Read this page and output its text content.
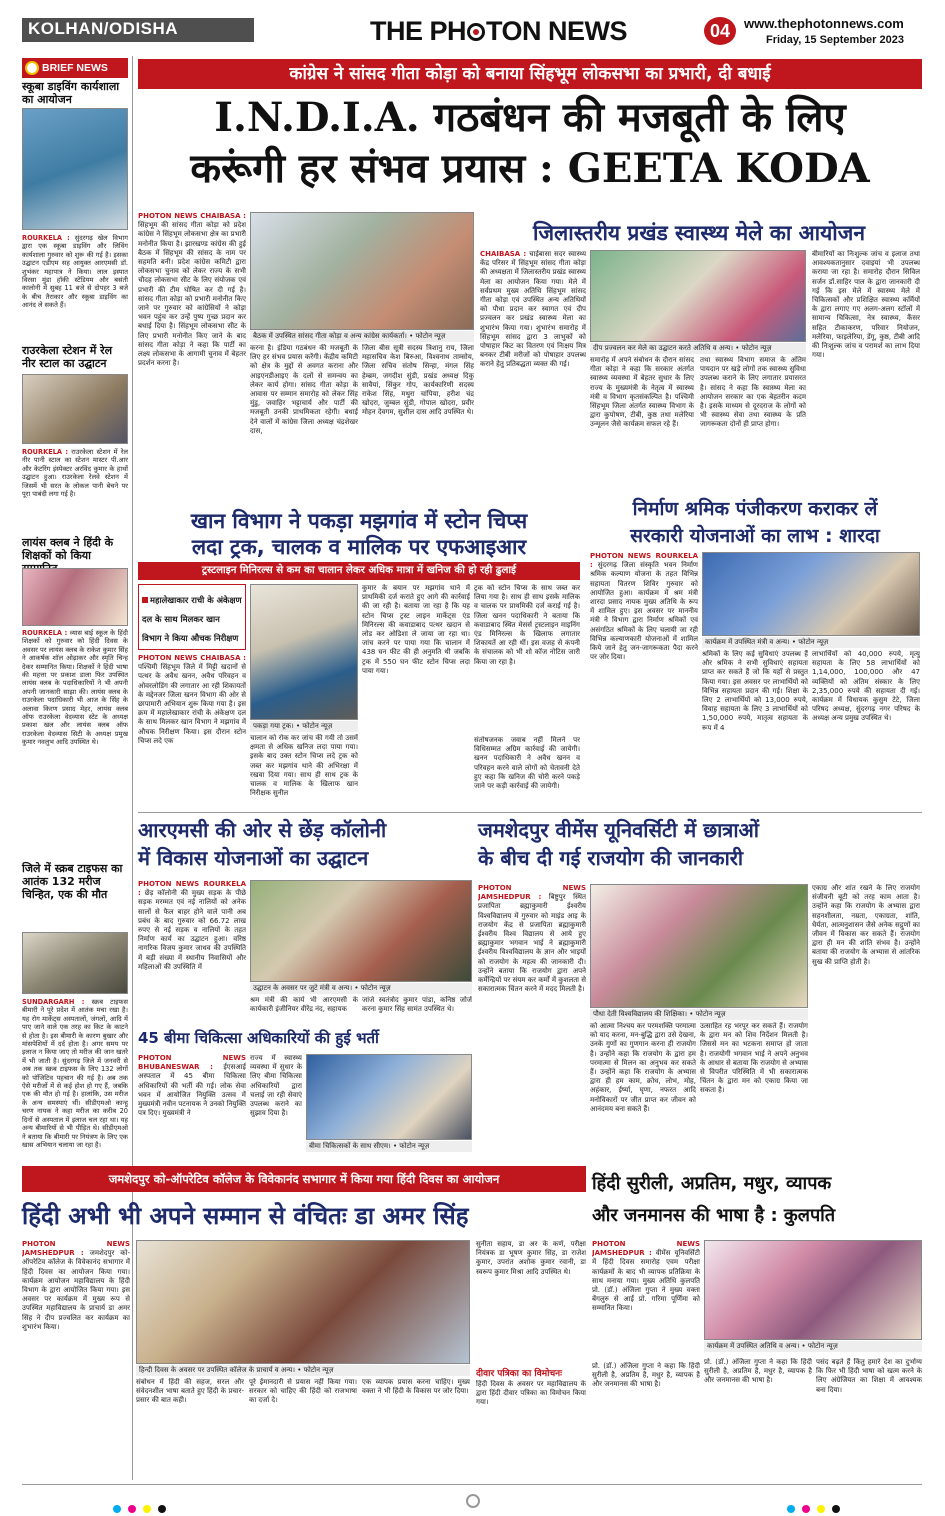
KOLHAN/ODISHA	THE PH TON NEWS	04	www.thephotonnews.com
Friday, 15 September 2023
BRIEF NEWS
स्कूबा डाइविंग कार्यशाला का आयोजन
ROURKELA : सुंदरगढ़ खेल विभाग द्वारा एक स्कूबा डाइविंग और लिविंग कार्यशाला गुरुवार को शुरू की गई है। इसका उद्घाटन एडीएम सह आयुक्त आरएमसी डॉ. शुभंकर महापात्र ने किया। लाल इस्पात विरसा मुंडा हॉकी स्टेडियम और बसंती कालोनी में सुबह 11 बजे से दोपहर 3 बजे के बीच तैराकार और स्कूबा डाइविंग का आनंद ले सकते हैं।
राउरकेला स्टेशन में रेल नीर स्टाल का उद्घाटन
ROURKELA : राउरकेला स्टेशन में रेल नीर पानी स्टाल का स्टेशन मास्टर पी.आर और केटरिंग इंस्पेक्टर अरविंद कुमार के हाथों उद्घाटन हुआ। राउरकेला रेलवे स्टेशन में जिसमें भी सरत के लोकल पानी बेचने पर पूरा पाबंदी लगा गई है।
लायंस क्लब ने हिंदी के शिक्षकों को किया
ROURKELA : व्यास बाई स्कूल के हिंदी शिक्षकों को गुरुवार को हिंदी दिवस के अवसर पर लायंस क्लब के राकेश कुमार सिंह ने आकर्षक शॉल ओढ़ाकर और स्मृति चिन्ह देकर सम्मानित किया। शिक्षकों ने हिंदी भाषा की महत्ता पर प्रकाश डाला फिर उपस्थित लायंस क्लब के पदाधिकारियों ने भी अपनी अपनी जानकारी साझा की। लायंस क्लब के राउरकेला पदाधिकारी भी आज के सिंह के अलावा किरण प्रसाद मेहर, लायंस क्लब ऑफ राउरकेला वेदव्यास स्टेट के अध्यक्ष प्रकाश खल और लायंस क्लब ऑफ राउरकेला वेदव्यास सिटी के अध्यक्ष प्रमुख कुमार नवलुभ आदि उपस्थित थे।
जिले में स्क्रब टाइफस का आतंक 132 मरीज चिन्हित, एक की मौत
SUNDARGARH : स्क्रब टाइफस बीमारी ने पूरे प्रदेश में आतंक मचा रखा है। यह रोग मार्केट्स अस्पतालों, जंगलों, आदि में पाए जाने वाले एक तरह का किट के काटने से होता है। इस बीमारी के कारण बुखार और मांसपेशियों में दर्द होता है। अगर समय पर इलाज न किया जाए तो मरीज की जान खतरे में भी जाती है। सुंदरगढ़ जिले में जनवरी से अब तक स्क्रब टाइफस के लिए 132 लोगों को पॉजिटिव पहचान की गई है। अब तक ऐसे मरीजों में से कई होश हो गए हैं, जबकि एक की मौत हो गई है। हालांकि, उस मरीज के अन्य समस्याएं थीं। सीडीएमओ कान्हु चरण नायक ने कहा मरीज का करीब 20 दिनों से अस्पताल में इलाज चल रहा था। यह अन्य बीमारियों से भी पीड़ित थे। सीडीएमओ ने बताया कि बीमारी पर नियंत्रण के लिए एक खास अभियान चलाया जा रहा है।
कांग्रेस ने सांसद गीता कोड़ा को बनाया सिंहभूम लोकसभा का प्रभारी, दी बधाई
I.N.D.I.A. गठबंधन की मजबूती के लिए
करूंगी हर संभव प्रयास : GEETA KODA
PHOTON NEWS CHAIBASA : सिंहभूम की सांसद गीता कोड़ा को प्रदेश कांग्रेस ने सिंहभूम लोकसभा क्षेत्र का प्रभारी मनोनीत किया है। झारखण्ड कांग्रेस की हुई बैठक में सिंहभूम की सांसद के नाम पर सहमति बनी। प्रदेश कांग्रेस कमिटी द्वारा लोकसभा चुनाव को लेकर राज्य के सभी चौदह लोकसभा सीट के लिए संयोजक एवं प्रभारी की टीम घोषित कर दी गई है। सांसद गीता कोड़ा को प्रभारी मनोनीत किए जाने पर गुरुवार को कांग्रेसियों ने कोड़ा भवन पहुंच कर उन्हें पुष्प गुच्छ प्रदान कर बधाई दिया है। सिंहभूम लोकसभा सीट के लिए प्रभारी मनोनीत किए जाने के बाद सांसद गीता कोड़ा ने कहा कि पार्टी का लक्ष्य लोकसभा के आगामी चुनाव में बेहतर प्रदर्शन करना है।
बैठक में उपस्थित सांसद गीता कोड़ा व अन्य कांग्रेस कार्यकर्ता। • फोटोन न्यूज़
करना है। इंडिया गठबंधन की मजबूती के लिए हर संभव प्रयास करेंगी। केंद्रीय कमिटी को क्षेत्र के मुद्दों से अवगत कराना और आइएनडीआइए के दलों से समन्वय का लेकर कार्य होगा। सांसद गीता कोड़ा के आवास पर सम्मान समारोह को लेकर सिंह मुंडु, जवाहिर भट्टाचार्य और पार्टी की मजबूती उनकी प्राथमिकता रहेगी। बधाई देने वालों में कांग्रेस जिला अध्यक्ष चंद्रशेखर दास,
जिला बीस सूत्री सदस्य त्रिशानु राय, जिला महासचिव केश बिरुआ, विश्वनाथ ताम्सोय, जिला सचिव संतोष सिन्हा, मंगल सिंह हेम्ब्रम, जगदीश सुंडी, प्रखंड अध्यक्ष दिकु सावैयां, सिंकुर गोप, कार्यकारिणी सदस्य राकेश सिंह, मथुरा चांपिया, हरीश चंद्र खोदरा, जुम्बल सुंडी, गोपाल खोदरा, प्रवीर मोहन देवगम, सुशील दास आदि उपस्थित थे।
जिलास्तरीय प्रखंड स्वास्थ्य मेले का आयोजन
CHAIBASA : चाईबासा सदर स्वास्थ्य केंद्र परिसर में सिंहभूम सांसद गीता कोड़ा की अध्यक्षता में जिलास्तरीय प्रखंड स्वास्थ्य मेला का आयोजन किया गया। मेले में सर्वप्रथम मुख्य अतिथि सिंहभूम सांसद गीता कोड़ा एवं उपस्थित अन्य अतिथियों को पौधा प्रदान कर स्वागत एवं दीप प्रज्वलन कर प्रखंड स्वास्थ्य मेला का शुभारंभ किया गया। शुभारंभ समारोह में सिंहभूम सांसद द्वारा 3 लाभुकों को पोषाहार किट का वितरण एवं निःक्षय मित्र बनकर टीबी मरीजों को पोषाहार उपलब्ध कराने हेतु प्रतिबद्धता व्यक्त की गई।
दीप प्रज्वलन कर मेले का उद्घाटन करते अतिथि व अन्य। • फोटोन न्यूज़
समारोह में अपने संबोधन के दौरान सांसद गीता कोड़ा ने कहा कि सरकार अंतर्गत स्वास्थ्य व्यवस्था में बेहतर सुधार के लिए राज्य के मुख्यमंत्री के नेतृत्व में स्वास्थ्य मंत्री व विभाग कृतसंकल्पित है। पश्चिमी सिंहभूम जिला अंतर्गत स्वास्थ्य विभाग के द्वारा कुपोषण, टीबी, कुष्ठ तथा मलेरिया उन्मूलन जैसे कार्यक्रम सफल रहे हैं।
तथा स्वास्थ्य विभाग समाज के अंतिम पायदान पर खड़े लोगों तक स्वास्थ्य सुविधा उपलब्ध कराने के लिए लगातार प्रयासरत है। सांसद ने कहा कि स्वास्थ्य मेला का आयोजन सरकार का एक बेहतरीन कदम है। इसके माध्यम से दूरदराज के लोगों को भी स्वास्थ्य सेवा तथा स्वास्थ्य के प्रति जागरूकता दोनों ही प्राप्त होगा।
बीमारियों का निःशुल्क जांच व इलाज तथा आवश्यकतानुसार दवाइयां भी उपलब्ध कराया जा रहा है। समारोह दौरान सिविल सर्जन डॉ.साहिर पाल के द्वारा जानकारी दी गई कि इस मेले में स्वास्थ्य मेले में चिकित्सकों और प्रशिक्षित स्वास्थ्य कर्मियों के द्वारा लगाए गए अलग-अलग स्टॉलों में सामान्य चिकित्सा, नेत्र स्वास्थ्य, कैंसर सहित टीकाकरण, परिवार नियोजन, मलेरिया, फाइलेरिया, डेंगू, कुष्ठ, टीबी आदि की निःशुल्क जांच व परामर्श का लाभ दिया गया।
खान विभाग ने पकड़ा मझगांव में स्टोन चिप्स
लदा ट्रक, चालक व मालिक पर एफआइआर
ट्रस्टलाइन मिनिरल्स से कम का चालान लेकर अधिक मात्रा में खनिज की हो रही ढुलाई
महालेखाकार राची के अंकेक्षण दल के साथ मिलकर खान विभाग ने किया औचक निरीक्षण
PHOTON NEWS CHAIBASA : पश्चिमी सिंहभूम जिले में मिट्टी खदानों से पत्थर के अवैध खनन, अवैध परिवहन व ओवरलोडिंग की लगातार आ रही शिकायतों के मद्देनजर जिला खनन विभाग की ओर से छापामारी अभियान शुरू किया गया है। इस क्रम में महालेखाकार रांची के अंकेक्षण दल के साथ मिलकर खान विभाग ने मझगांव में औचक निरीक्षण किया। इस दौरान स्टोन चिप्स लदे एक
पकड़ा गया ट्रक। • फोटोन न्यूज़
चालान को रोक कर जांच की गयी तो उसमें क्षमता से अधिक खनिज लदा पाया गया। इसके बाद उक्त स्टोन चिप्स लदे ट्रक को जब्त कर मझगांव थाने की अभिरक्षा में रखवा दिया गया। साथ ही साथ ट्रक के चालक व मालिक के खिलाफ खान निरीक्षक सुनील
कुमार के बयान पर मझगांव थाने में प्राथमिकी दर्ज कराते हुए आगे की कार्रवाई की जा रही है। बताया जा रहा है कि यह स्टोन चिप्स ट्रस्ट लाइन मार्केट्स एंड मिनिरल्स की कवाडाबाद पत्थर खदान से लोड कर ओडिशा ले जाया जा रहा था। जांच करने पर पाया गया कि चालान में 438 घन फीट की ही अनुमति थी जबकि ट्रक में 550 घन फीट स्टोन चिप्स लदा पाया गया।
ट्रक को स्टोन चिप्स के साथ जब्त कर लिया गया है। साथ ही साथ इसके मालिक व चालक पर प्राथमिकी दर्ज कराई गई है। जिला खनन पदाधिकारी ने बताया कि कवाडाबाद स्थित मेसर्स ट्रस्टलाइन माइनिंग एंड मिनिरल्स के खिलाफ लगातार शिकायतें आ रही थीं। इस वजह से कंपनी के संचालक को भी शो कॉज नोटिस जारी किया जा रहा है।
संतोषजनक जवाब नहीं मिलने पर विधिसम्मत अग्रिम कार्रवाई की जायेगी। खनन पदाधिकारी ने अवैध खनन व परिवहन करने वाले लोगों को चेतावनी देते हुए कहा कि खनिज की चोरी करने पकड़े जाने पर कड़ी कार्रवाई की जायेगी।
निर्माण श्रमिक पंजीकरण कराकर लें
सरकारी योजनाओं का लाभ : शारदा
PHOTON NEWS ROURKELA : सुंदरगढ़ जिला संस्कृति भवन निर्माण श्रमिक कल्याण योजना के तहत विभिन्न सहायता वितरण शिविर गुरुवार को आयोजित हुआ। कार्यक्रम में श्रम मंत्री शारदा प्रसाद नायक मुख्य अतिथि के रूप में शामिल हुए। इस अवसर पर माननीय मंत्री ने विभाग द्वारा निर्माण श्रमिकों एवं असंगठित श्रमिकों के लिए चलायी जा रही विभिन्न कल्याणकारी योजनाओं में शामिल किये जाने हेतु जन-जागरूकता पैदा करने पर जोर दिया।
कार्यक्रम में उपस्थित मंत्री व अन्य। • फोटोन न्यूज़
श्रमिकों के लिए कई सुविधाएं उपलब्ध हैं और श्रमिक ने सभी सुविधाएं सहायता प्राप्त कर सकते हैं जो कि यहाँ से प्रस्तुत किया गया। इस अवसर पर लाभार्थियों को विभिन्न सहायता प्रदान की गई। शिक्षा के लिए 2 लाभार्थियों को 13,000 रुपये, विवाह सहायता के लिए 3 लाभार्थियों को 1,50,000 रुपये, मातृत्व सहायता के रूप में 4
लाभार्थियों को 40,000 रुपये, मृत्यु सहायता के लिए 58 लाभार्थियों को 1,14,000, 100,000 और 47 व्यक्तियों को अंतिम संस्कार के लिए 2,35,000 रुपये की सहायता दी गई। कार्यक्रम में विधायक कुसुम टेटे, जिला परिषद अध्यक्ष, सुंदरगढ़ नगर परिषद के अध्यक्ष अन्य प्रमुख उपस्थित थे।
आरएमसी की ओर से छेंड़ कॉलोनी
में विकास योजनाओं का उद्घाटन
PHOTON NEWS ROURKELA : छेंड़ कॉलोनी की मुख्य सड़क के पीछे सड़क मरम्मत एवं नई नालियों को अनेक सालों से फैल बाहर होने वाले पानी अब प्रबंध के बाद गुरुवार को 66.72 लाख रुपए से नई सड़क व नालियों के तहत निर्माण कार्य का उद्घाटन हुआ। वरिष्ठ नागरिक विजय कुमार जाधव की उपस्थिति में बड़ी संख्या में स्थानीय निवासियों और महिलाओं की उपस्थिति में
उद्घाटन के अवसर पर जुटे मंत्री व अन्य। • फोटोन न्यूज़
श्रम मंत्री की कार्य भी आरएमसी के कार्यकारी इंजीनियर वीरेंद्र नंद, सहायक
जांजे स्वतंत्रोद कुमार पांडा, कनिष्ठ जोर्ज करना कुमार सिंह सामंत उपस्थित थे।
45 बीमा चिकित्सा अधिकारियों की हुई भर्ती
PHOTON NEWS BHUBANESWAR : ईएसआई अस्पताल में 45 बीमा चिकित्सा अधिकारियों की भर्ती की गई। लोक सेवा भवन में आयोजित नियुक्ति उत्सव में मुख्यमंत्री नवीन पटनायक ने उनको नियुक्ति पत्र दिए। मुख्यमंत्री ने
राज्य में स्वास्थ्य व्यवस्था में सुधार के लिए बीमा चिकित्सा अधिकारियों द्वारा चलाई जा रही सेवाएं उपलब्ध कराने का सुझाव दिया है।
बीमा चिकित्सकों के साथ सीएम। • फोटोन न्यूज़
जमशेदपुर वीमेंस यूनिवर्सिटी में छात्राओं
के बीच दी गई राजयोग की जानकारी
PHOTON NEWS JAMSHEDPUR : बिष्टुपुर स्थित प्रजापिता ब्रह्माकुमारी ईश्वरीय विश्वविद्यालय में गुरुवार को माइंड आइ के राजयोग केंद्र से प्रजापिता ब्रह्माकुमारी ईश्वरीय विश्व विद्यालय से आये हुए ब्रह्माकुमार भगवान भाई ने ब्रह्माकुमारी ईश्वरीय विश्वविद्यालय के ज्ञान और भाइयों को राजयोग के महत्व की जानकारी दी। उन्होंने बताया कि राजयोग द्वारा अपने कर्मेन्द्रियों पर संयम कर कर्मों में कुशलता से सकारात्मक चिंतन करने में मदद मिलती है।
पौधा देती विश्वविद्यालय की शिक्षिका। • फोटोन न्यूज़
को आत्मा निश्चय कर परमशक्ति परमात्मा को याद करना, मन-बुद्धि द्वारा उसे देखना, उनके गुणों का गुणगान करना ही राजयोग है। उन्होंने कहा कि राजयोग के द्वारा हम परमात्मा से मिलन का अनुभव कर सकते हैं। उन्होंने कहा कि राजयोग के अभ्यास द्वारा ही हम काम, क्रोध, लोभ, मोह, अहंकार, ईर्ष्या, घृणा, नफरत आदि मनोविकारों पर जीत प्राप्त कर जीवन को आनंदमय बना सकते हैं।
उत्साहित रह भरपूर कर सकते हैं। राजयोग के द्वारा मन को शिव निर्देशन मिलती है। जिससे मन का भटकना समाप्त हो जाता है। राजयोगी भगवान भाई ने अपने अनुभव के आधार से बताया कि राजयोग से अभ्यास से विपरीत परिस्थिति में भी सकारात्मक चिंतन के द्वारा मन को एकाग्र किया जा सकता है।
एकाग्र और शांत रखने के लिए राजयोग संजीवनी बूटी को तरह काम आता है। उन्होंने कहा कि राजयोग के अभ्यास द्वारा सहनशीलता, नम्रता, एकाग्रता, शांति, धैर्यता, आत्मनुशासन जैसे अनेक सद्गुणों का जीवन में विकास कर सकते हैं। राजयोग द्वारा ही मन की शांति संभव है। उन्होंने बताया की राजयोग के अभ्यास से आंतरिक सुख की प्राप्ति होती है।
जमशेदपुर को-ऑपरेटिव कॉलेज के विवेकानंद सभागार में किया गया हिंदी दिवस का आयोजन
हिंदी अभी भी अपने सम्मान से वंचितः डा अमर सिंह
PHOTON NEWS JAMSHEDPUR : जमशेदपुर को-ऑपरेटिव कॉलेज के विवेकानंद सभागार में हिंदी दिवस का आयोजन किया गया। कार्यक्रम आयोजन महाविद्यालय के हिंदी विभाग के द्वारा आयोजित किया गया। इस अवसर पर कार्यक्रम में मुख्य रूप से उपस्थित महाविद्यालय के प्राचार्य डा अमर सिंह ने दीप प्रज्वलित कर कार्यक्रम का शुभारंभ किया।
हिन्दी दिवस के अवसर पर उपस्थित कॉलेज के प्राचार्य व अन्य। • फोटोन न्यूज़
संबोधन में हिंदी की सहज, सरल और संवेदनशील भाषा बताते हुए हिंदी के प्रचार-प्रसार की बात कही।
पूरे ईमानदारी से प्रयास नहीं किया गया। सरकार को चाहिए की हिंदी को राजभाषा का दर्जा दे।
एक व्यापक प्रयास करना चाहिए। मुख्य वक्ता ने भी हिंदी के विकास पर जोर दिया।
सुनीता सहाय, डा अर के कर्ण, परीक्षा नियंत्रक डा भूषण कुमार सिंह, डा राजेश कुमार, उपरांत अशोक कुमार रवानी, डा स्वरूप कुमार मिश्रा आदि उपस्थित थे।
दीवार पत्रिका का विमोचनः
हिंदी दिवस के अवसर पर महाविद्यालय के द्वारा हिंदी दीवार पत्रिका का विमोचन किया गया।
हिंदी सुरीली, अप्रतिम, मधुर, व्यापक
और जनमानस की भाषा है : कुलपति
PHOTON NEWS JAMSHEDPUR : वीमेंस यूनिवर्सिटी में हिंदी दिवस समारोह एवम परीक्षा कार्यक्रमों के बाद भी व्यापक प्रतिक्रिया के साथ मनाया गया। मुख्य अतिथि कुलपति प्रो. (डॉ.) अंजिला गुप्ता ने मुख्य वक्ता बेंगलुरु से आईं प्रो. गरिमा पूर्णिमा को सम्मानित किया।
कार्यक्रम में उपस्थित अतिथि व अन्य। • फोटोन न्यूज़
प्रो. (डॉ.) अंजिला गुप्ता ने कहा कि हिंदी सुरीली है, अप्रतिम है, मधुर है, व्यापक है और जनमानस की भाषा है।
पसंद बढ़ते हैं किंतु हमारे देश का दुर्भाग्य कि फिर भी हिंदी भाषा को खत्म करने के लिए अंग्रेजियत का शिक्षा में आवश्यक बना दिया।
प्रो. (डॉ.) अंजिला गुप्ता ने कहा कि हिंदी सुरीली है, अप्रतिम है, मधुर है, व्यापक है और जनमानस की भाषा है।
